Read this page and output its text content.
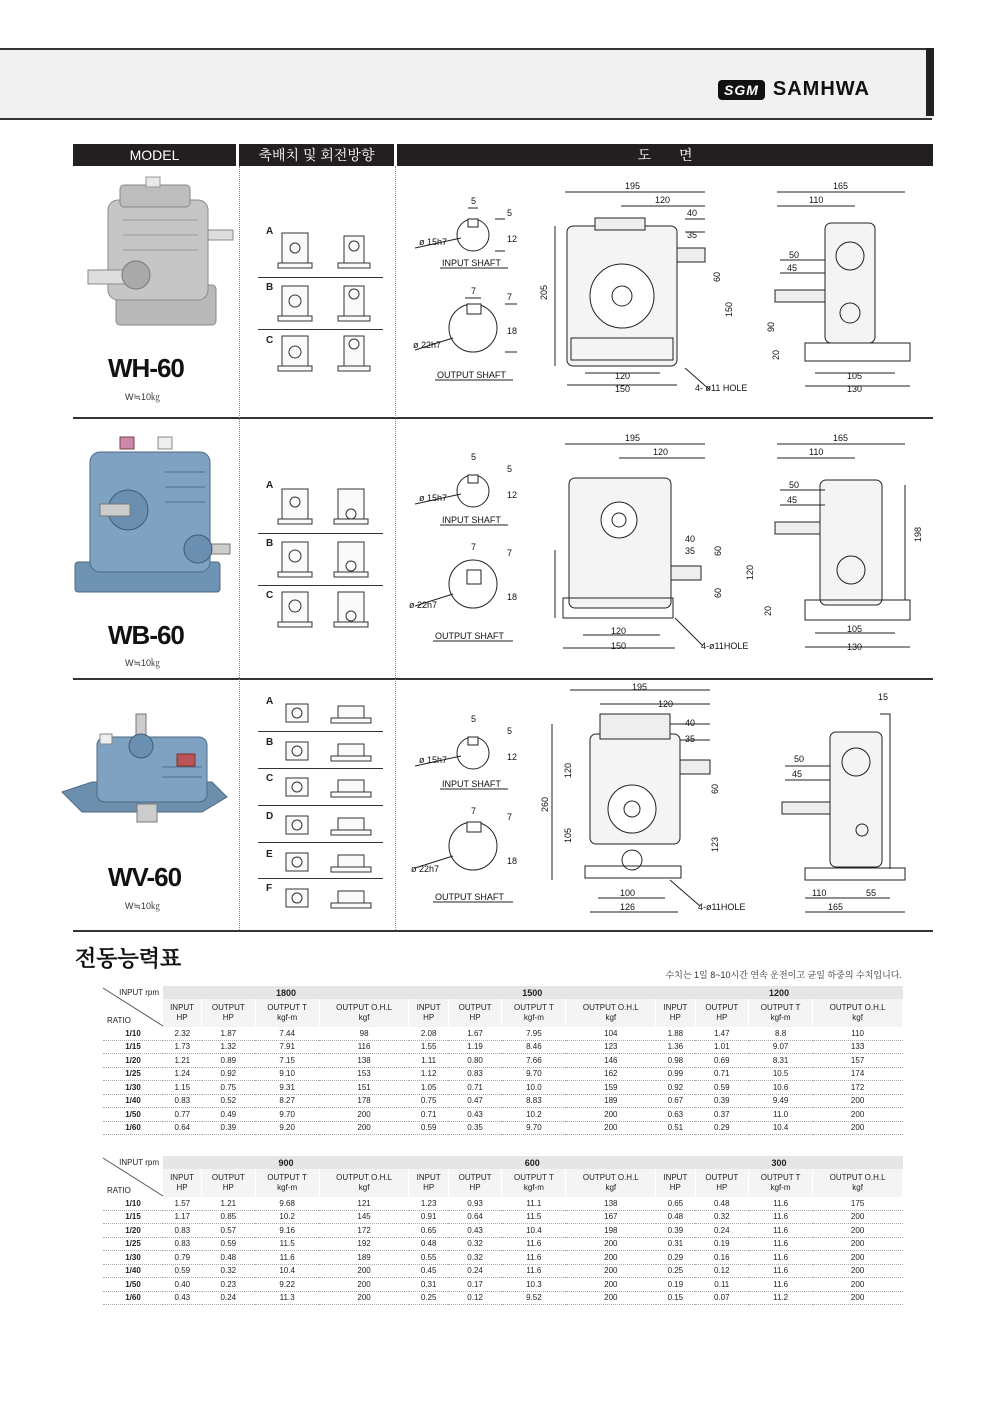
SGM SAMHWA
MODEL	축배치 및 회전방향	도　　면
WH-60
W≒10㎏
WB-60
W≒10㎏
WV-60
W≒10㎏
A
B
C
A
B
C
A
B
C
D
E
F
5
5
12
ø 15h7
INPUT SHAFT
7
7
18
ø 22h7
OUTPUT SHAFT
5
5
12
ø 15h7
INPUT SHAFT
7
7
18
ø 22h7
OUTPUT SHAFT
5
5
12
ø 15h7
INPUT SHAFT
7
7
18
ø 22h7
OUTPUT SHAFT
195
120
40
35
205
60
150
120
150	4- ø11 HOLE
165
110
50
45
90
20
105
130
195
120
40
35 60
60
120
20
120
150	4-ø11HOLE
165
110
50
45
198
105
130
195
120
40
35
260
120
105
60
123
100
126	4-ø11HOLE
15
50
45
110	55
165
전동능력표
수치는 1일 8~10시간 연속 운전이고 균일 하중의 수치입니다.
INPUT rpm
RATIO	1800				1500				1200			
	INPUT
HP	OUTPUT
HP	OUTPUT T
kgf-m	OUTPUT O.H.L
kgf	INPUT
HP	OUTPUT
HP	OUTPUT T
kgf-m	OUTPUT O.H.L
kgf	INPUT
HP	OUTPUT
HP	OUTPUT T
kgf-m	OUTPUT O.H.L
kgf
1/10	2.32	1.87	7.44	98	2.08	1.67	7.95	104	1.88	1.47	8.8	110
1/15	1.73	1.32	7.91	116	1.55	1.19	8.46	123	1.36	1.01	9.07	133
1/20	1.21	0.89	7.15	138	1.11	0.80	7.66	146	0.98	0.69	8.31	157
1/25	1.24	0.92	9.10	153	1.12	0.83	9.70	162	0.99	0.71	10.5	174
1/30	1.15	0.75	9.31	151	1.05	0.71	10.0	159	0.92	0.59	10.6	172
1/40	0.83	0.52	8.27	178	0.75	0.47	8.83	189	0.67	0.39	9.49	200
1/50	0.77	0.49	9.70	200	0.71	0.43	10.2	200	0.63	0.37	11.0	200
1/60	0.64	0.39	9.20	200	0.59	0.35	9.70	200	0.51	0.29	10.4	200
INPUT rpm
RATIO	900				600				300			
	INPUT
HP	OUTPUT
HP	OUTPUT T
kgf-m	OUTPUT O.H.L
kgf	INPUT
HP	OUTPUT
HP	OUTPUT T
kgf-m	OUTPUT O.H.L
kgf	INPUT
HP	OUTPUT
HP	OUTPUT T
kgf-m	OUTPUT O.H.L
kgf
1/10	1.57	1.21	9.68	121	1.23	0.93	11.1	138	0.65	0.48	11.6	175
1/15	1.17	0.85	10.2	145	0.91	0.64	11.5	167	0.48	0.32	11.6	200
1/20	0.83	0.57	9.16	172	0.65	0.43	10.4	198	0.39	0.24	11.6	200
1/25	0.83	0.59	11.5	192	0.48	0.32	11.6	200	0.31	0.19	11.6	200
1/30	0.79	0.48	11.6	189	0.55	0.32	11.6	200	0.29	0.16	11.6	200
1/40	0.59	0.32	10.4	200	0.45	0.24	11.6	200	0.25	0.12	11.6	200
1/50	0.40	0.23	9.22	200	0.31	0.17	10.3	200	0.19	0.11	11.6	200
1/60	0.43	0.24	11.3	200	0.25	0.12	9.52	200	0.15	0.07	11.2	200
